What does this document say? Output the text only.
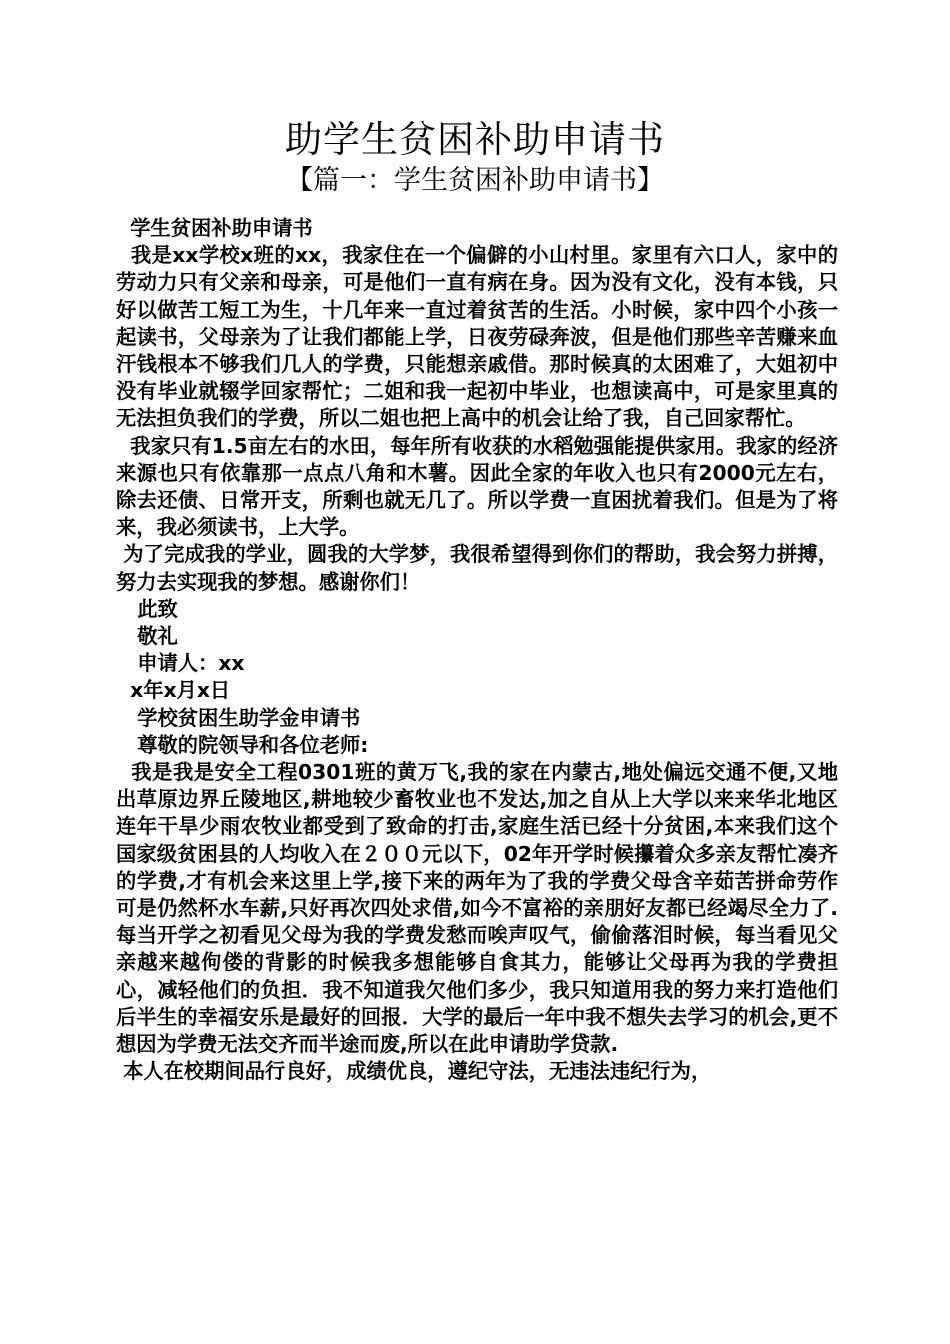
助学生贫困补助申请书
【篇一：学生贫困补助申请书】

学生贫困补助申请书

我是xx学校x班的xx，我家住在一个偏僻的小山村里。家里有六口人，家中的劳动力只有父亲和母亲，可是他们一直有病在身。因为没有文化，没有本钱，只好以做苦工短工为生，十几年来一直过着贫苦的生活。小时候，家中四个小孩一起读书，父母亲为了让我们都能上学，日夜劳碌奔波，但是他们那些辛苦赚来血汗钱根本不够我们几人的学费，只能想亲戚借。那时候真的太困难了，大姐初中没有毕业就辍学回家帮忙；二姐和我一起初中毕业，也想读高中，可是家里真的无法担负我们的学费，所以二姐也把上高中的机会让给了我，自己回家帮忙。

我家只有1.5亩左右的水田，每年所有收获的水稻勉强能提供家用。我家的经济来源也只有依靠那一点点八角和木薯。因此全家的年收入也只有2000元左右，除去还债、日常开支，所剩也就无几了。所以学费一直困扰着我们。但是为了将来，我必须读书，上大学。

为了完成我的学业，圆我的大学梦，我很希望得到你们的帮助，我会努力拼搏，努力去实现我的梦想。感谢你们！

此致

敬礼

申请人：xx

x年x月x日

学校贫困生助学金申请书

尊敬的院领导和各位老师:

我是我是安全工程0301班的黄万飞,我的家在内蒙古,地处偏远交通不便,又地出草原边界丘陵地区,耕地较少畜牧业也不发达,加之自从上大学以来来华北地区连年干旱少雨农牧业都受到了致命的打击,家庭生活已经十分贫困,本来我们这个国家级贫困县的人均收入在２００元以下，02年开学时候攥着众多亲友帮忙凑齐的学费,才有机会来这里上学,接下来的两年为了我的学费父母含辛茹苦拼命劳作可是仍然杯水车薪,只好再次四处求借,如今不富裕的亲朋好友都已经竭尽全力了.每当开学之初看见父母为我的学费发愁而唉声叹气，偷偷落泪时候，每当看见父亲越来越佝偻的背影的时候我多想能够自食其力，能够让父母再为我的学费担心，减轻他们的负担．我不知道我欠他们多少，我只知道用我的努力来打造他们后半生的幸福安乐是最好的回报．大学的最后一年中我不想失去学习的机会,更不想因为学费无法交齐而半途而废,所以在此申请助学贷款.

本人在校期间品行良好，成绩优良，遵纪守法，无违法违纪行为，
